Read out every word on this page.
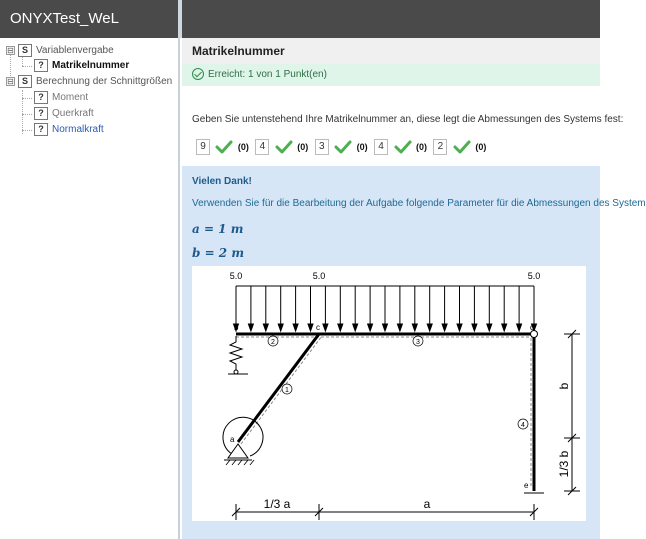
ONYXTest_WeL
⊟ S Variablenvergabe
? Matrikelnummer
⊟ S Berechnung der Schnittgrößen
? Moment
? Querkraft
? Normalkraft
Matrikelnummer
Erreicht: 1 von 1 Punkt(en)
Geben Sie untenstehend Ihre Matrikelnummer an, diese legt die Abmessungen des Systems fest:
9	(0) 4	(0) 3	(0) 4	(0) 2	(0)
Vielen Dank!
Verwenden Sie für die Bearbeitung der Aufgabe folgende Parameter für die Abmessungen des System
a = 1 m
b = 2 m
5.0	5.0	5.0
b	c	d
a
e
2	3
1
4
1/3 a	a
b
1/3 b
